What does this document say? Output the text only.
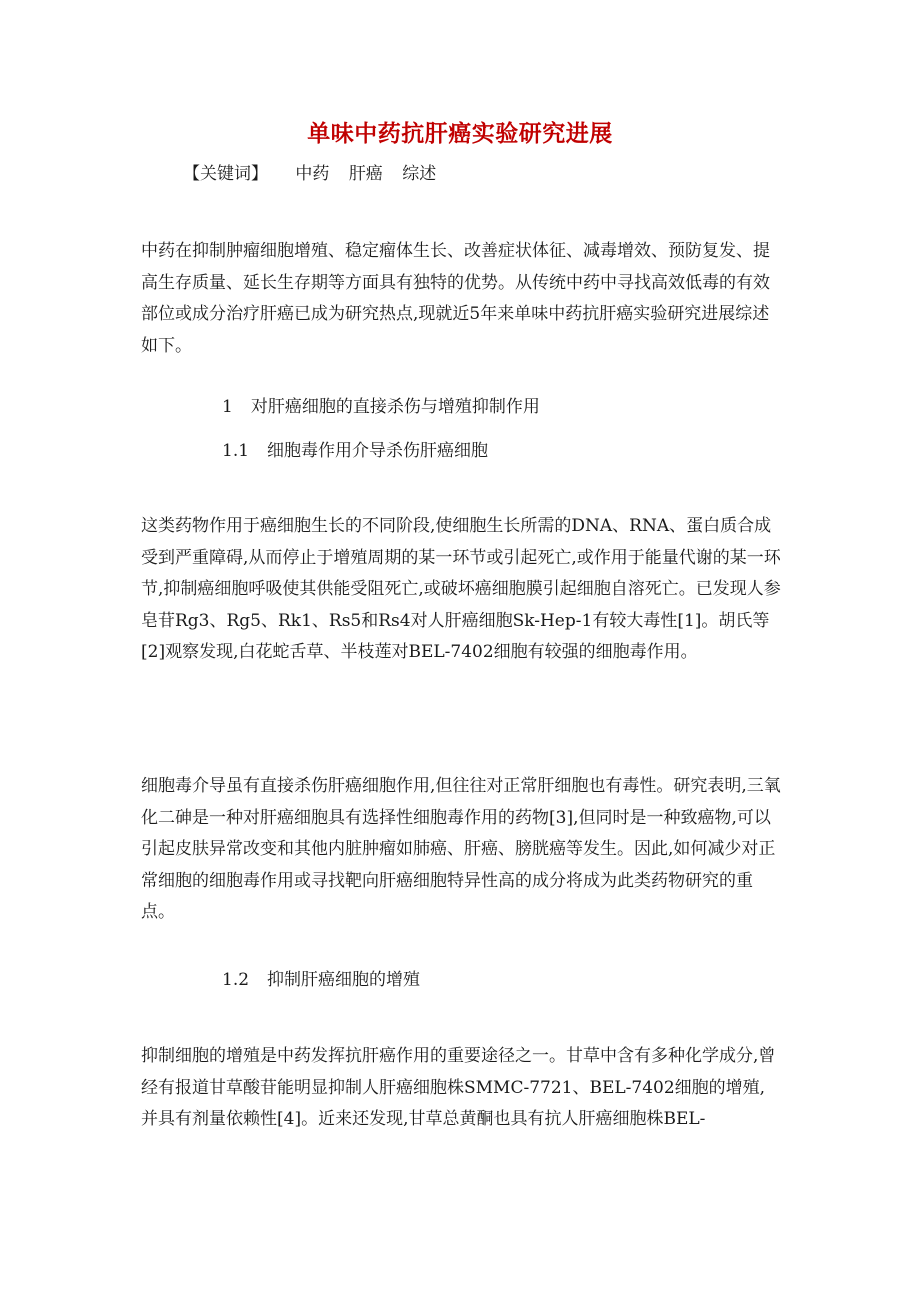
单味中药抗肝癌实验研究进展
【关键词】 中药 肝癌 综述

中药在抑制肿瘤细胞增殖、稳定瘤体生长、改善症状体征、减毒增效、预防复发、提高生存质量、延长生存期等方面具有独特的优势。从传统中药中寻找高效低毒的有效部位或成分治疗肝癌已成为研究热点,现就近5年来单味中药抗肝癌实验研究进展综述如下。

1 对肝癌细胞的直接杀伤与增殖抑制作用
1.1 细胞毒作用介导杀伤肝癌细胞

这类药物作用于癌细胞生长的不同阶段,使细胞生长所需的DNA、RNA、蛋白质合成受到严重障碍,从而停止于增殖周期的某一环节或引起死亡,或作用于能量代谢的某一环节,抑制癌细胞呼吸使其供能受阻死亡,或破坏癌细胞膜引起细胞自溶死亡。已发现人参皂苷Rg3、Rg5、Rk1、Rs5和Rs4对人肝癌细胞Sk-Hep-1有较大毒性[1]。胡氏等[2]观察发现,白花蛇舌草、半枝莲对BEL-7402细胞有较强的细胞毒作用。

细胞毒介导虽有直接杀伤肝癌细胞作用,但往往对正常肝细胞也有毒性。研究表明,三氧化二砷是一种对肝癌细胞具有选择性细胞毒作用的药物[3],但同时是一种致癌物,可以引起皮肤异常改变和其他内脏肿瘤如肺癌、肝癌、膀胱癌等发生。因此,如何减少对正常细胞的细胞毒作用或寻找靶向肝癌细胞特异性高的成分将成为此类药物研究的重点。

1.2 抑制肝癌细胞的增殖

抑制细胞的增殖是中药发挥抗肝癌作用的重要途径之一。甘草中含有多种化学成分,曾经有报道甘草酸苷能明显抑制人肝癌细胞株SMMC-7721、BEL-7402细胞的增殖,并具有剂量依赖性[4]。近来还发现,甘草总黄酮也具有抗人肝癌细胞株BEL-
